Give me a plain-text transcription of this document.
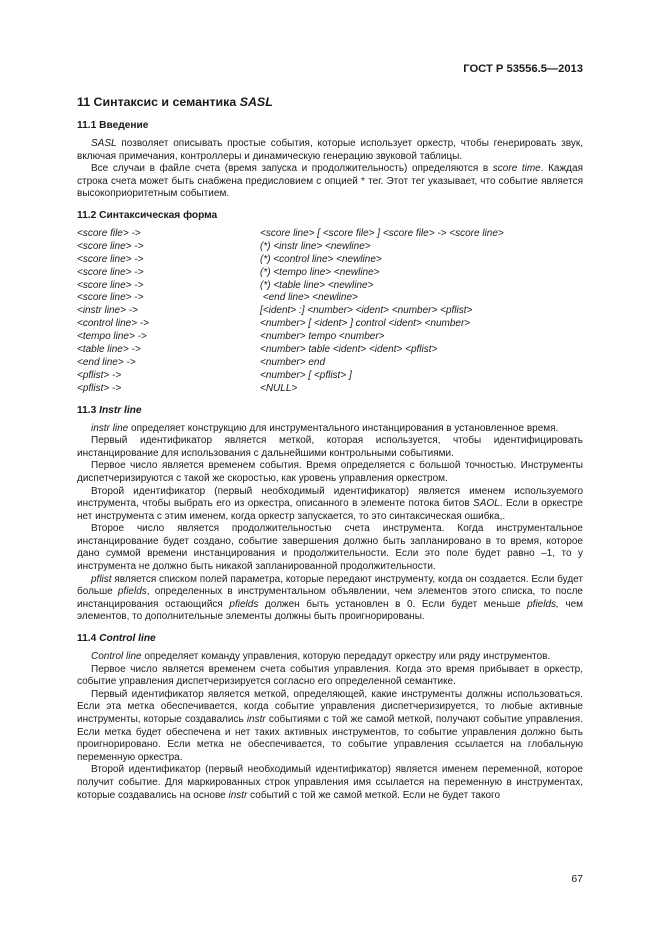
ГОСТ Р 53556.5—2013
11 Синтаксис и семантика SASL
11.1 Введение

SASL позволяет описывать простые события, которые использует оркестр, чтобы генерировать звук, включая примечания, контроллеры и динамическую генерацию звуковой таблицы.

Все случаи в файле счета (время запуска и продолжительность) определяются в score time. Каждая строка счета может быть снабжена предисловием с опцией * тег. Этот тег указывает, что событие является высокоприоритетным событием.

11.2 Синтаксическая форма
<score file> ->	<score line> [ <score file> ] <score file> -> <score line>
<score line> ->	(*) <instr line> <newline>
<score line> ->	(*) <control line> <newline>
<score line> ->	(*) <tempo line> <newline>
<score line> ->	(*) <table line> <newline>
<score line> ->	<end line> <newline>
<instr line> ->	[<ident> :] <number> <ident> <number> <pflist>
<control line> ->	<number> [ <ident> ] control <ident> <number>
<tempo line> ->	<number> tempo <number>
<table line> ->	<number> table <ident> <ident> <pflist>
<end line> ->	<number> end
<pflist> ->	<number> [ <pflist> ]
<pflist> ->	<NULL>
11.3 Instr line

instr line определяет конструкцию для инструментального инстанцирования в установленное время.

Первый идентификатор является меткой, которая используется, чтобы идентифицировать инстанцирование для использования с дальнейшими контрольными событиями.

Первое число является временем события. Время определяется с большой точностью. Инструменты диспетчеризируются с такой же скоростью, как уровень управления оркестром.

Второй идентификатор (первый необходимый идентификатор) является именем используемого инструмента, чтобы выбрать его из оркестра, описанного в элементе потока битов SAOL. Если в оркестре нет инструмента с этим именем, когда оркестр запускается, то это синтаксическая ошибка,.

Второе число является продолжительностью счета инструмента. Когда инструментальное инстанцирование будет создано, событие завершения должно быть запланировано в то время, которое дано суммой времени инстанцирования и продолжительности. Если это поле будет равно –1, то у инструмента не должно быть никакой запланированной продолжительности.

pflist является списком полей параметра, которые передают инструменту, когда он создается. Если будет больше pfields, определенных в инструментальном объявлении, чем элементов этого списка, то после инстанцирования остающийся pfields должен быть установлен в 0. Если будет меньше pfields, чем элементов, то дополнительные элементы должны быть проигнорированы.

11.4 Control line

Control line определяет команду управления, которую передадут оркестру или ряду инструментов.

Первое число является временем счета события управления. Когда это время прибывает в оркестр, событие управления диспетчеризируется согласно его определенной семантике.

Первый идентификатор является меткой, определяющей, какие инструменты должны использоваться. Если эта метка обеспечивается, когда событие управления диспетчеризируется, то любые активные инструменты, которые создавались instr событиями с той же самой меткой, получают событие управления. Если метка будет обеспечена и нет таких активных инструментов, то событие управления должно быть проигнорировано. Если метка не обеспечивается, то событие управления ссылается на глобальную переменную оркестра.

Второй идентификатор (первый необходимый идентификатор) является именем переменной, которое получит событие. Для маркированных строк управления имя ссылается на переменную в инструментах, которые создавались на основе instr событий с той же самой меткой. Если не будет такого

67
